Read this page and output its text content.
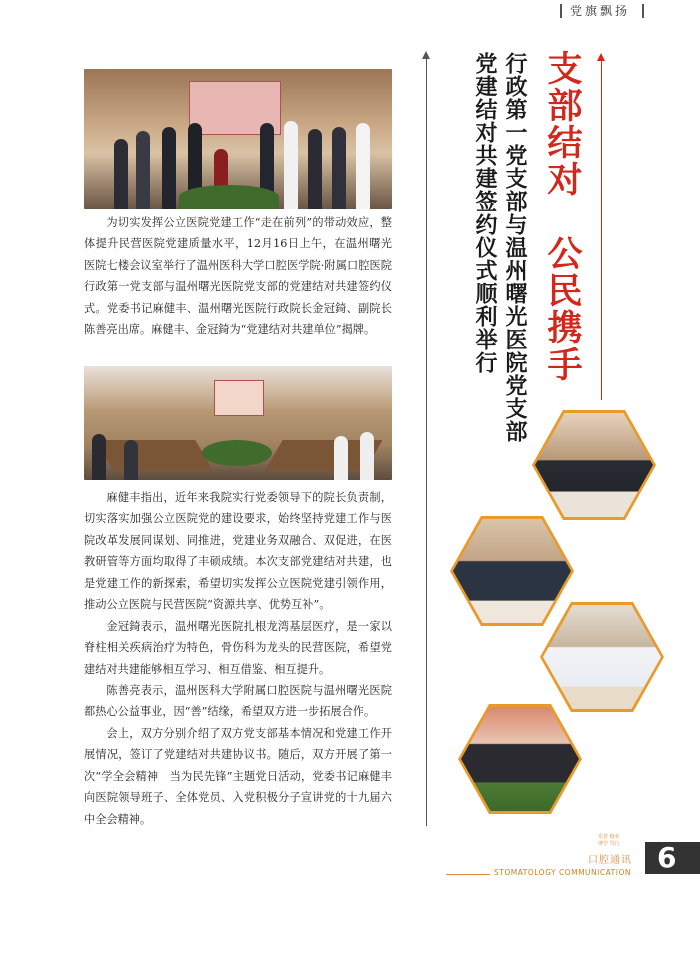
党旗飘扬

为切实发挥公立医院党建工作“走在前列”的带动效应，整体提升民营医院党建质量水平，12月16日上午，在温州曙光医院七楼会议室举行了温州医科大学口腔医学院·附属口腔医院行政第一党支部与温州曙光医院党支部的党建结对共建签约仪式。党委书记麻健丰、温州曙光医院行政院长金冠錡、副院长陈善亮出席。麻健丰、金冠錡为“党建结对共建单位”揭牌。

麻健丰指出，近年来我院实行党委领导下的院长负责制，切实落实加强公立医院党的建设要求，始终坚持党建工作与医院改革发展同谋划、同推进，党建业务双融合、双促进，在医教研管等方面均取得了丰硕成绩。本次支部党建结对共建，也是党建工作的新探索，希望切实发挥公立医院党建引领作用，推动公立医院与民营医院“资源共享、优势互补”。

金冠錡表示，温州曙光医院扎根龙湾基层医疗，是一家以脊柱相关疾病治疗为特色，骨伤科为龙头的民营医院，希望党建结对共建能够相互学习、相互借鉴、相互提升。

陈善亮表示，温州医科大学附属口腔医院与温州曙光医院都热心公益事业，因“善”结缘，希望双方进一步拓展合作。

会上，双方分别介绍了双方党支部基本情况和党建工作开展情况，签订了党建结对共建协议书。随后，双方开展了第一次“学全会精神　当为民先锋”主题党日活动，党委书记麻健丰向医院领导班子、全体党员、入党积极分子宣讲党的十九届六中全会精神。

支部结对　公民携手
行政第一党支部与温州曙光医院党支部
党建结对共建签约仪式顺利举行
乐善 精业
博学 笃行
口腔通讯
STOMATOLOGY COMMUNICATION 6
